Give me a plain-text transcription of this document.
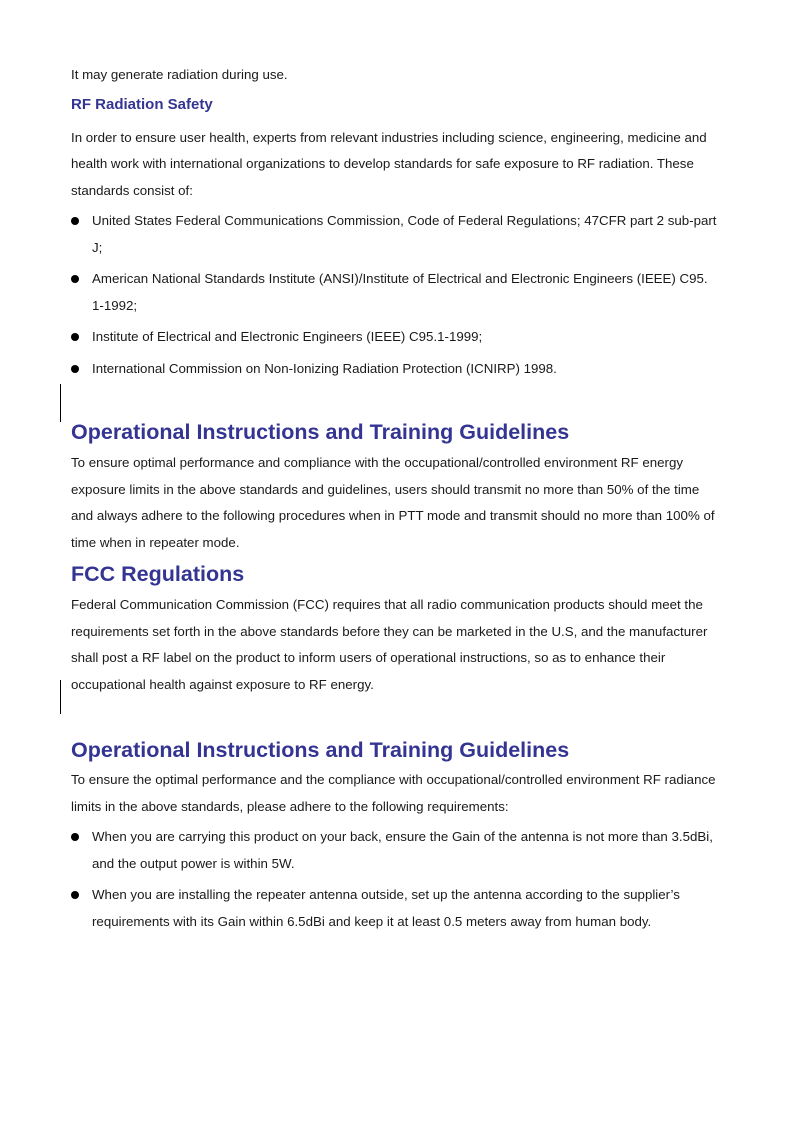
It may generate radiation during use.

RF Radiation Safety

In order to ensure user health, experts from relevant industries including science, engineering, medicine and health work with international organizations to develop standards for safe exposure to RF radiation. These standards consist of:

United States Federal Communications Commission, Code of Federal Regulations; 47CFR part 2 sub-part J;
American National Standards Institute (ANSI)/Institute of Electrical and Electronic Engineers (IEEE) C95. 1-1992;
Institute of Electrical and Electronic Engineers (IEEE) C95.1-1999;
International Commission on Non-Ionizing Radiation Protection (ICNIRP) 1998.
Operational Instructions and Training Guidelines

To ensure optimal performance and compliance with the occupational/controlled environment RF energy exposure limits in the above standards and guidelines, users should transmit no more than 50% of the time and always adhere to the following procedures when in PTT mode and transmit should no more than 100% of time when in repeater mode.

FCC Regulations

Federal Communication Commission (FCC) requires that all radio communication products should meet the requirements set forth in the above standards before they can be marketed in the U.S, and the manufacturer shall post a RF label on the product to inform users of operational instructions, so as to enhance their occupational health against exposure to RF energy.

Operational Instructions and Training Guidelines

To ensure the optimal performance and the compliance with occupational/controlled environment RF radiance limits in the above standards, please adhere to the following requirements:

When you are carrying this product on your back, ensure the Gain of the antenna is not more than 3.5dBi, and the output power is within 5W.
When you are installing the repeater antenna outside, set up the antenna according to the supplier’s requirements with its Gain within 6.5dBi and keep it at least 0.5 meters away from human body.
